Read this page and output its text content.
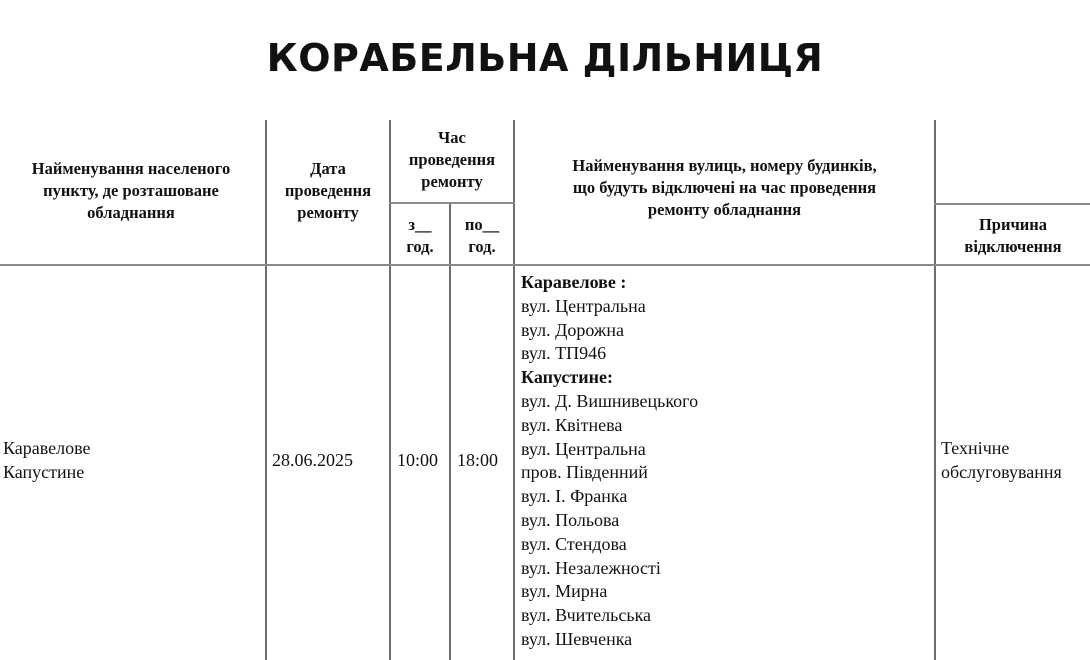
КОРАБЕЛЬНА ДІЛЬНИЦЯ
Найменування населеного
пункту, де розташоване
обладнання
Дата
проведення
ремонту
Час
проведення
ремонту
з__
год.
по__
год.
Найменування вулиць, номеру будинків,
що будуть відключені на час проведення
ремонту обладнання
Причина
відключення
Каравелове
Капустине
28.06.2025 10:00 18:00
Каравелове :
вул. Центральна
вул. Дорожна
вул. ТП946
Капустине:
вул. Д. Вишнивецького
вул. Квітнева
вул. Центральна
пров. Південний
вул. І. Франка
вул. Польова
вул. Стендова
вул. Незалежності
вул. Мирна
вул. Вчительська
вул. Шевченка
Технічне
обслуговування
